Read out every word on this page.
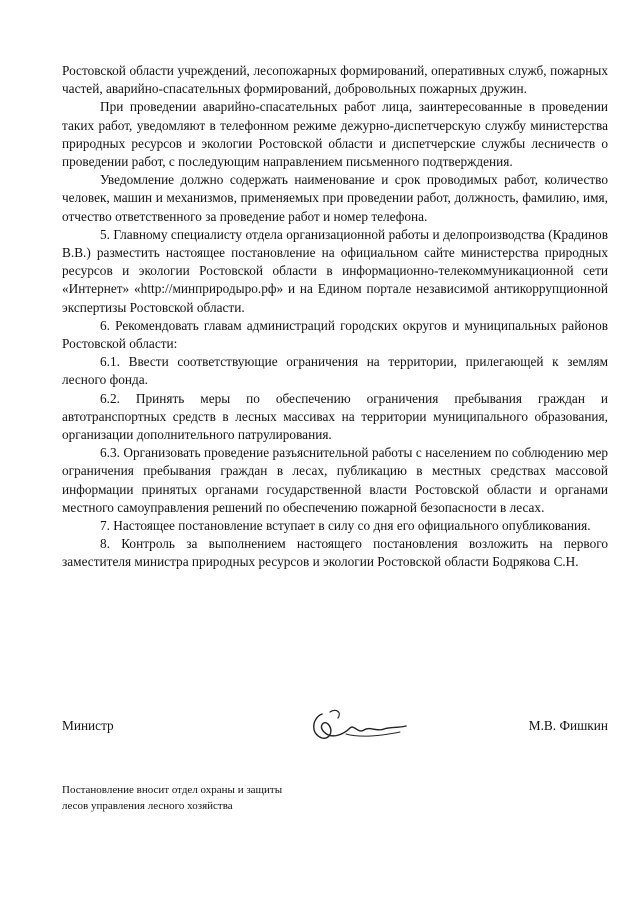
Ростовской области учреждений, лесопожарных формирований, оперативных служб, пожарных частей, аварийно-спасательных формирований, добровольных пожарных дружин.

При проведении аварийно-спасательных работ лица, заинтересованные в проведении таких работ, уведомляют в телефонном режиме дежурно-диспетчерскую службу министерства природных ресурсов и экологии Ростовской области и диспетчерские службы лесничеств о проведении работ, с последующим направлением письменного подтверждения.

Уведомление должно содержать наименование и срок проводимых работ, количество человек, машин и механизмов, применяемых при проведении работ, должность, фамилию, имя, отчество ответственного за проведение работ и номер телефона.

5. Главному специалисту отдела организационной работы и делопроизводства (Крадинов В.В.) разместить настоящее постановление на официальном сайте министерства природных ресурсов и экологии Ростовской области в информационно-телекоммуникационной сети «Интернет» «http://минприродыро.рф» и на Едином портале независимой антикоррупционной экспертизы Ростовской области.

6. Рекомендовать главам администраций городских округов и муниципальных районов Ростовской области:

6.1. Ввести соответствующие ограничения на территории, прилегающей к землям лесного фонда.

6.2. Принять меры по обеспечению ограничения пребывания граждан и автотранспортных средств в лесных массивах на территории муниципального образования, организации дополнительного патрулирования.

6.3. Организовать проведение разъяснительной работы с населением по соблюдению мер ограничения пребывания граждан в лесах, публикацию в местных средствах массовой информации принятых органами государственной власти Ростовской области и органами местного самоуправления решений по обеспечению пожарной безопасности в лесах.

7. Настоящее постановление вступает в силу со дня его официального опубликования.

8. Контроль за выполнением настоящего постановления возложить на первого заместителя министра природных ресурсов и экологии Ростовской области Бодрякова С.Н.

Министр	М.В. Фишкин
Постановление вносит отдел охраны и защиты
лесов управления лесного хозяйства
